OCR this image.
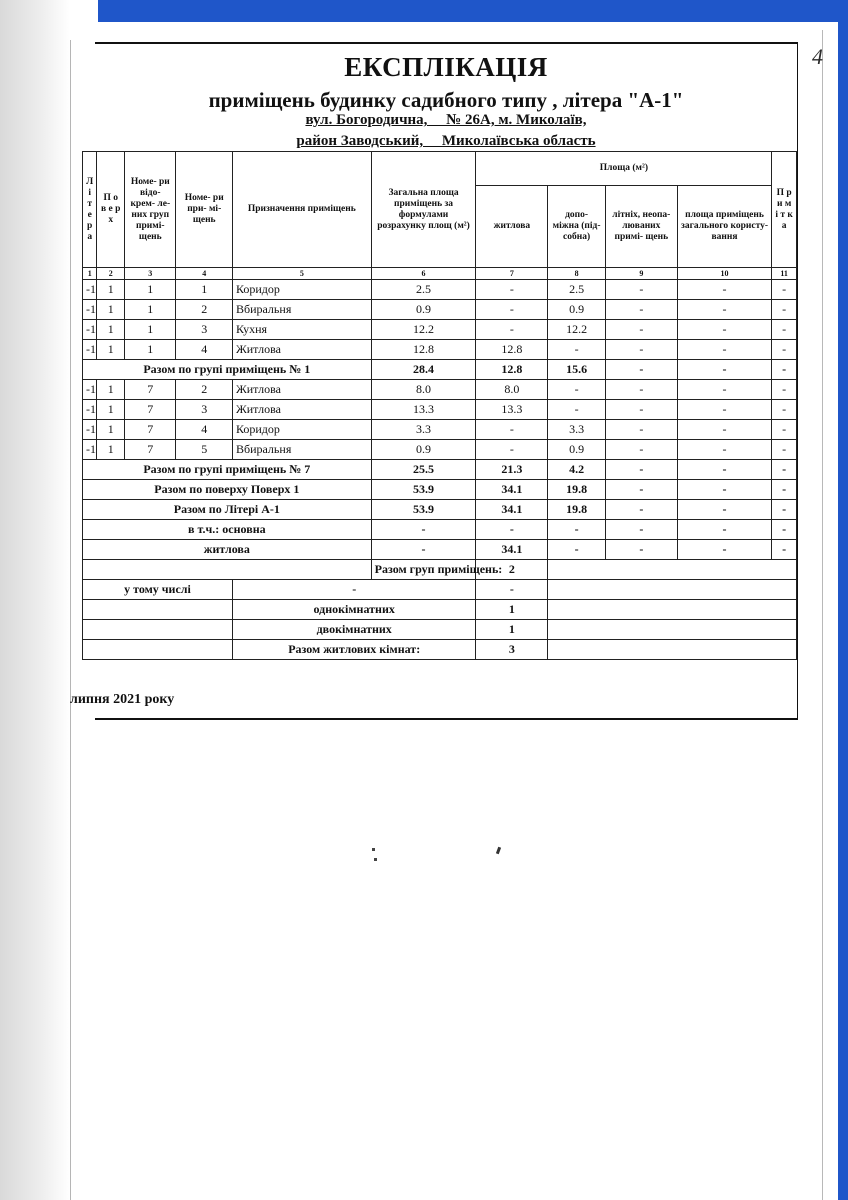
4
ЕКСПЛІКАЦІЯ
приміщень будинку садибного типу , літера "А-1"
вул. Богородична,     № 26А, м. Миколаїв,
район Заводський,     Миколаївська область
Л і т е р а	П о в е р х	Номе- ри відо- крем- ле- них груп примі- щень	Номе- ри при- мі- щень	Призначення приміщень	Загальна площа приміщень за формулами розрахунку площ (м²)	Площа (м²)				П р и м і т к а
						житлова	допо- міжна (під- собна)	літніх, неопа- люваних примі- щень	площа приміщень загального користу- вання	
1	2	3	4	5	6	7	8	9	10	11
-1	1	1	1	Коридор	2.5	-	2.5	-	-	-
-1	1	1	2	Вбиральня	0.9	-	0.9	-	-	-
-1	1	1	3	Кухня	12.2	-	12.2	-	-	-
-1	1	1	4	Житлова	12.8	12.8	-	-	-	-
Разом по групі приміщень № 1					28.4	12.8	15.6	-	-	-
-1	1	7	2	Житлова	8.0	8.0	-	-	-	-
-1	1	7	3	Житлова	13.3	13.3	-	-	-	-
-1	1	7	4	Коридор	3.3	-	3.3	-	-	-
-1	1	7	5	Вбиральня	0.9	-	0.9	-	-	-
Разом по групі приміщень № 7					25.5	21.3	4.2	-	-	-
Разом по поверху Поверх 1					53.9	34.1	19.8	-	-	-
Разом по Літері А-1					53.9	34.1	19.8	-	-	-
в т.ч.: основна					-	-	-	-	-	-
житлова					-	34.1	-	-	-	-
					Разом груп приміщень:	2				
у тому числі				-		-				
				однокімнатних		1				
				двокімнатних		1				
				Разом житлових кімнат:		3				
липня 2021 року
